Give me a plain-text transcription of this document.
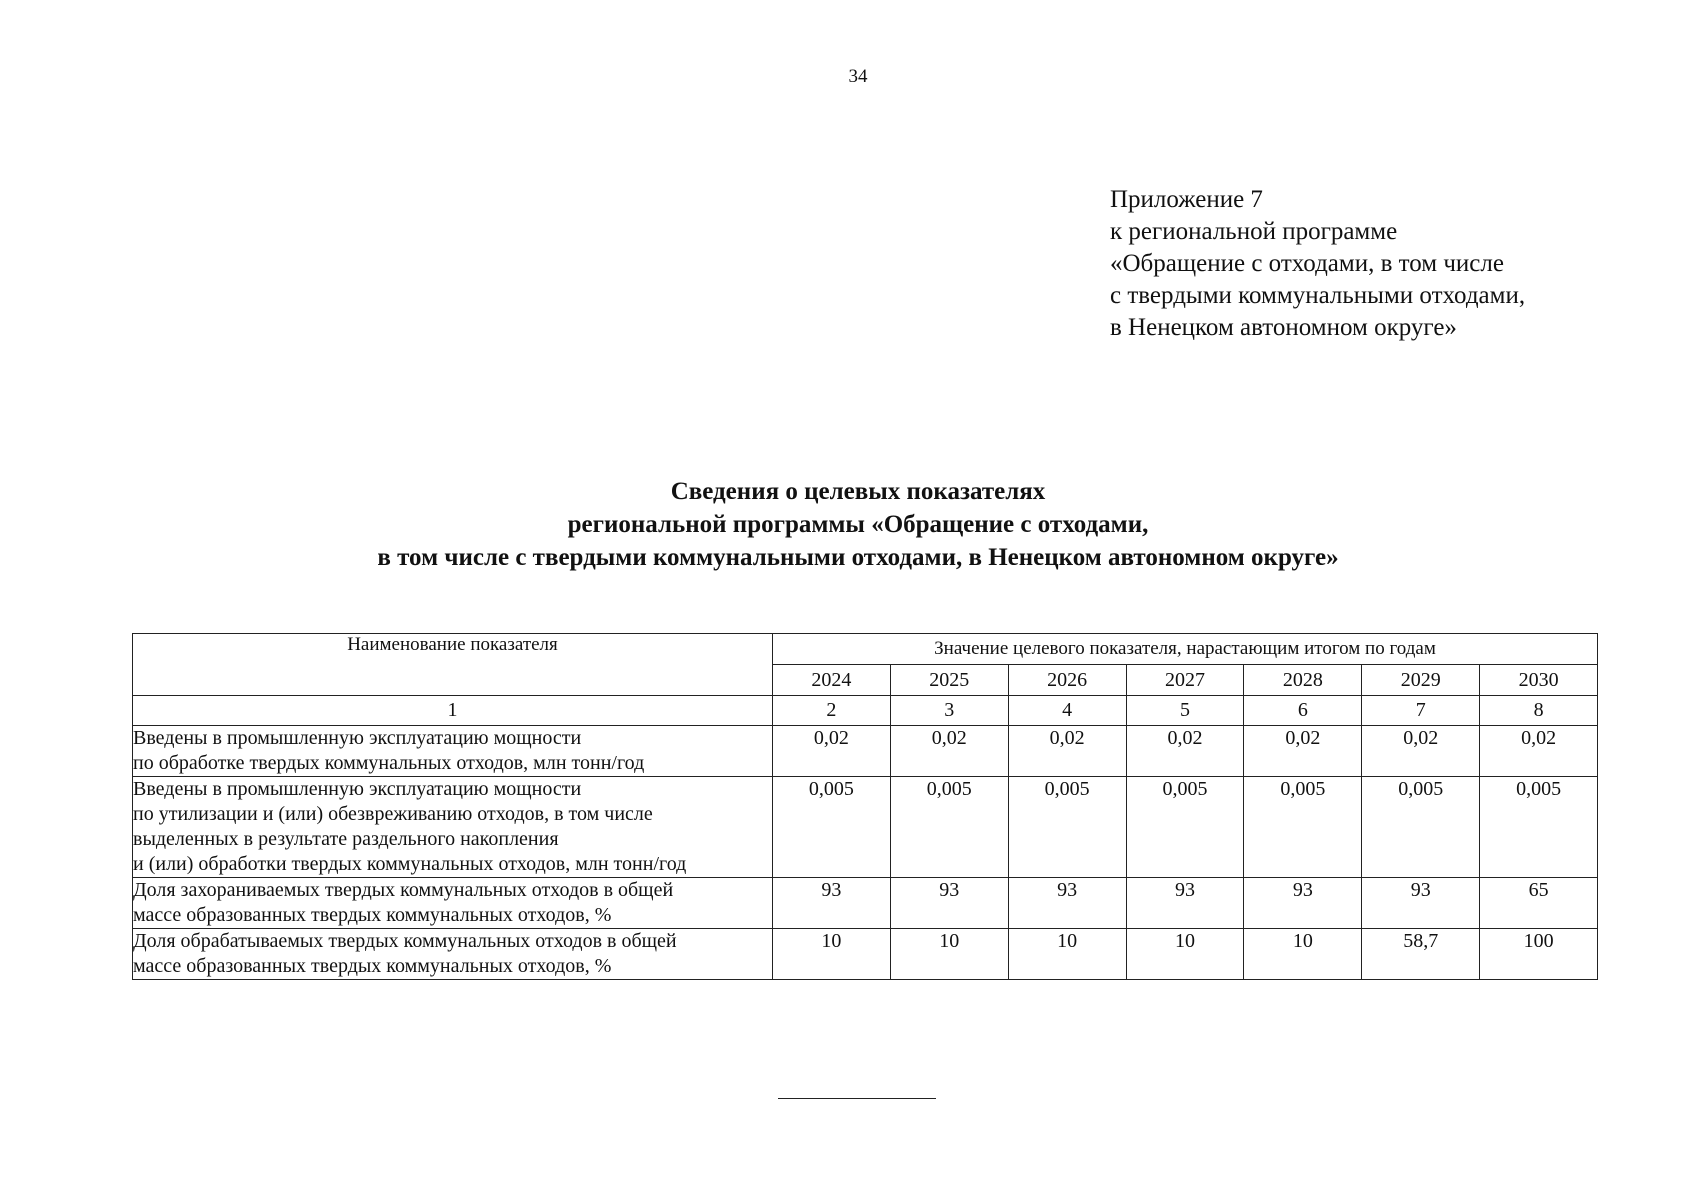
34
Приложение 7
к региональной программе
«Обращение с отходами, в том числе
с твердыми коммунальными отходами,
в Ненецком автономном округе»
Сведения о целевых показателях
региональной программы «Обращение с отходами,
в том числе с твердыми коммунальными отходами, в Ненецком автономном округе»
Наименование показателя	Значение целевого показателя, нарастающим итогом по годам						
	2024	2025	2026	2027	2028	2029	2030
1	2	3	4	5	6	7	8

Введены в промышленную эксплуатацию мощности
по обработке твердых коммунальных отходов, млн тонн/год	0,02	0,02	0,02	0,02	0,02	0,02	0,02

Введены в промышленную эксплуатацию мощности
по утилизации и (или) обезвреживанию отходов, в том числе
выделенных в результате раздельного накопления
и (или) обработки твердых коммунальных отходов, млн тонн/год	0,005	0,005	0,005	0,005	0,005	0,005	0,005

Доля захораниваемых твердых коммунальных отходов в общей
массе образованных твердых коммунальных отходов, %	93	93	93	93	93	93	65

Доля обрабатываемых твердых коммунальных отходов в общей
массе образованных твердых коммунальных отходов, %	10	10	10	10	10	58,7	100
